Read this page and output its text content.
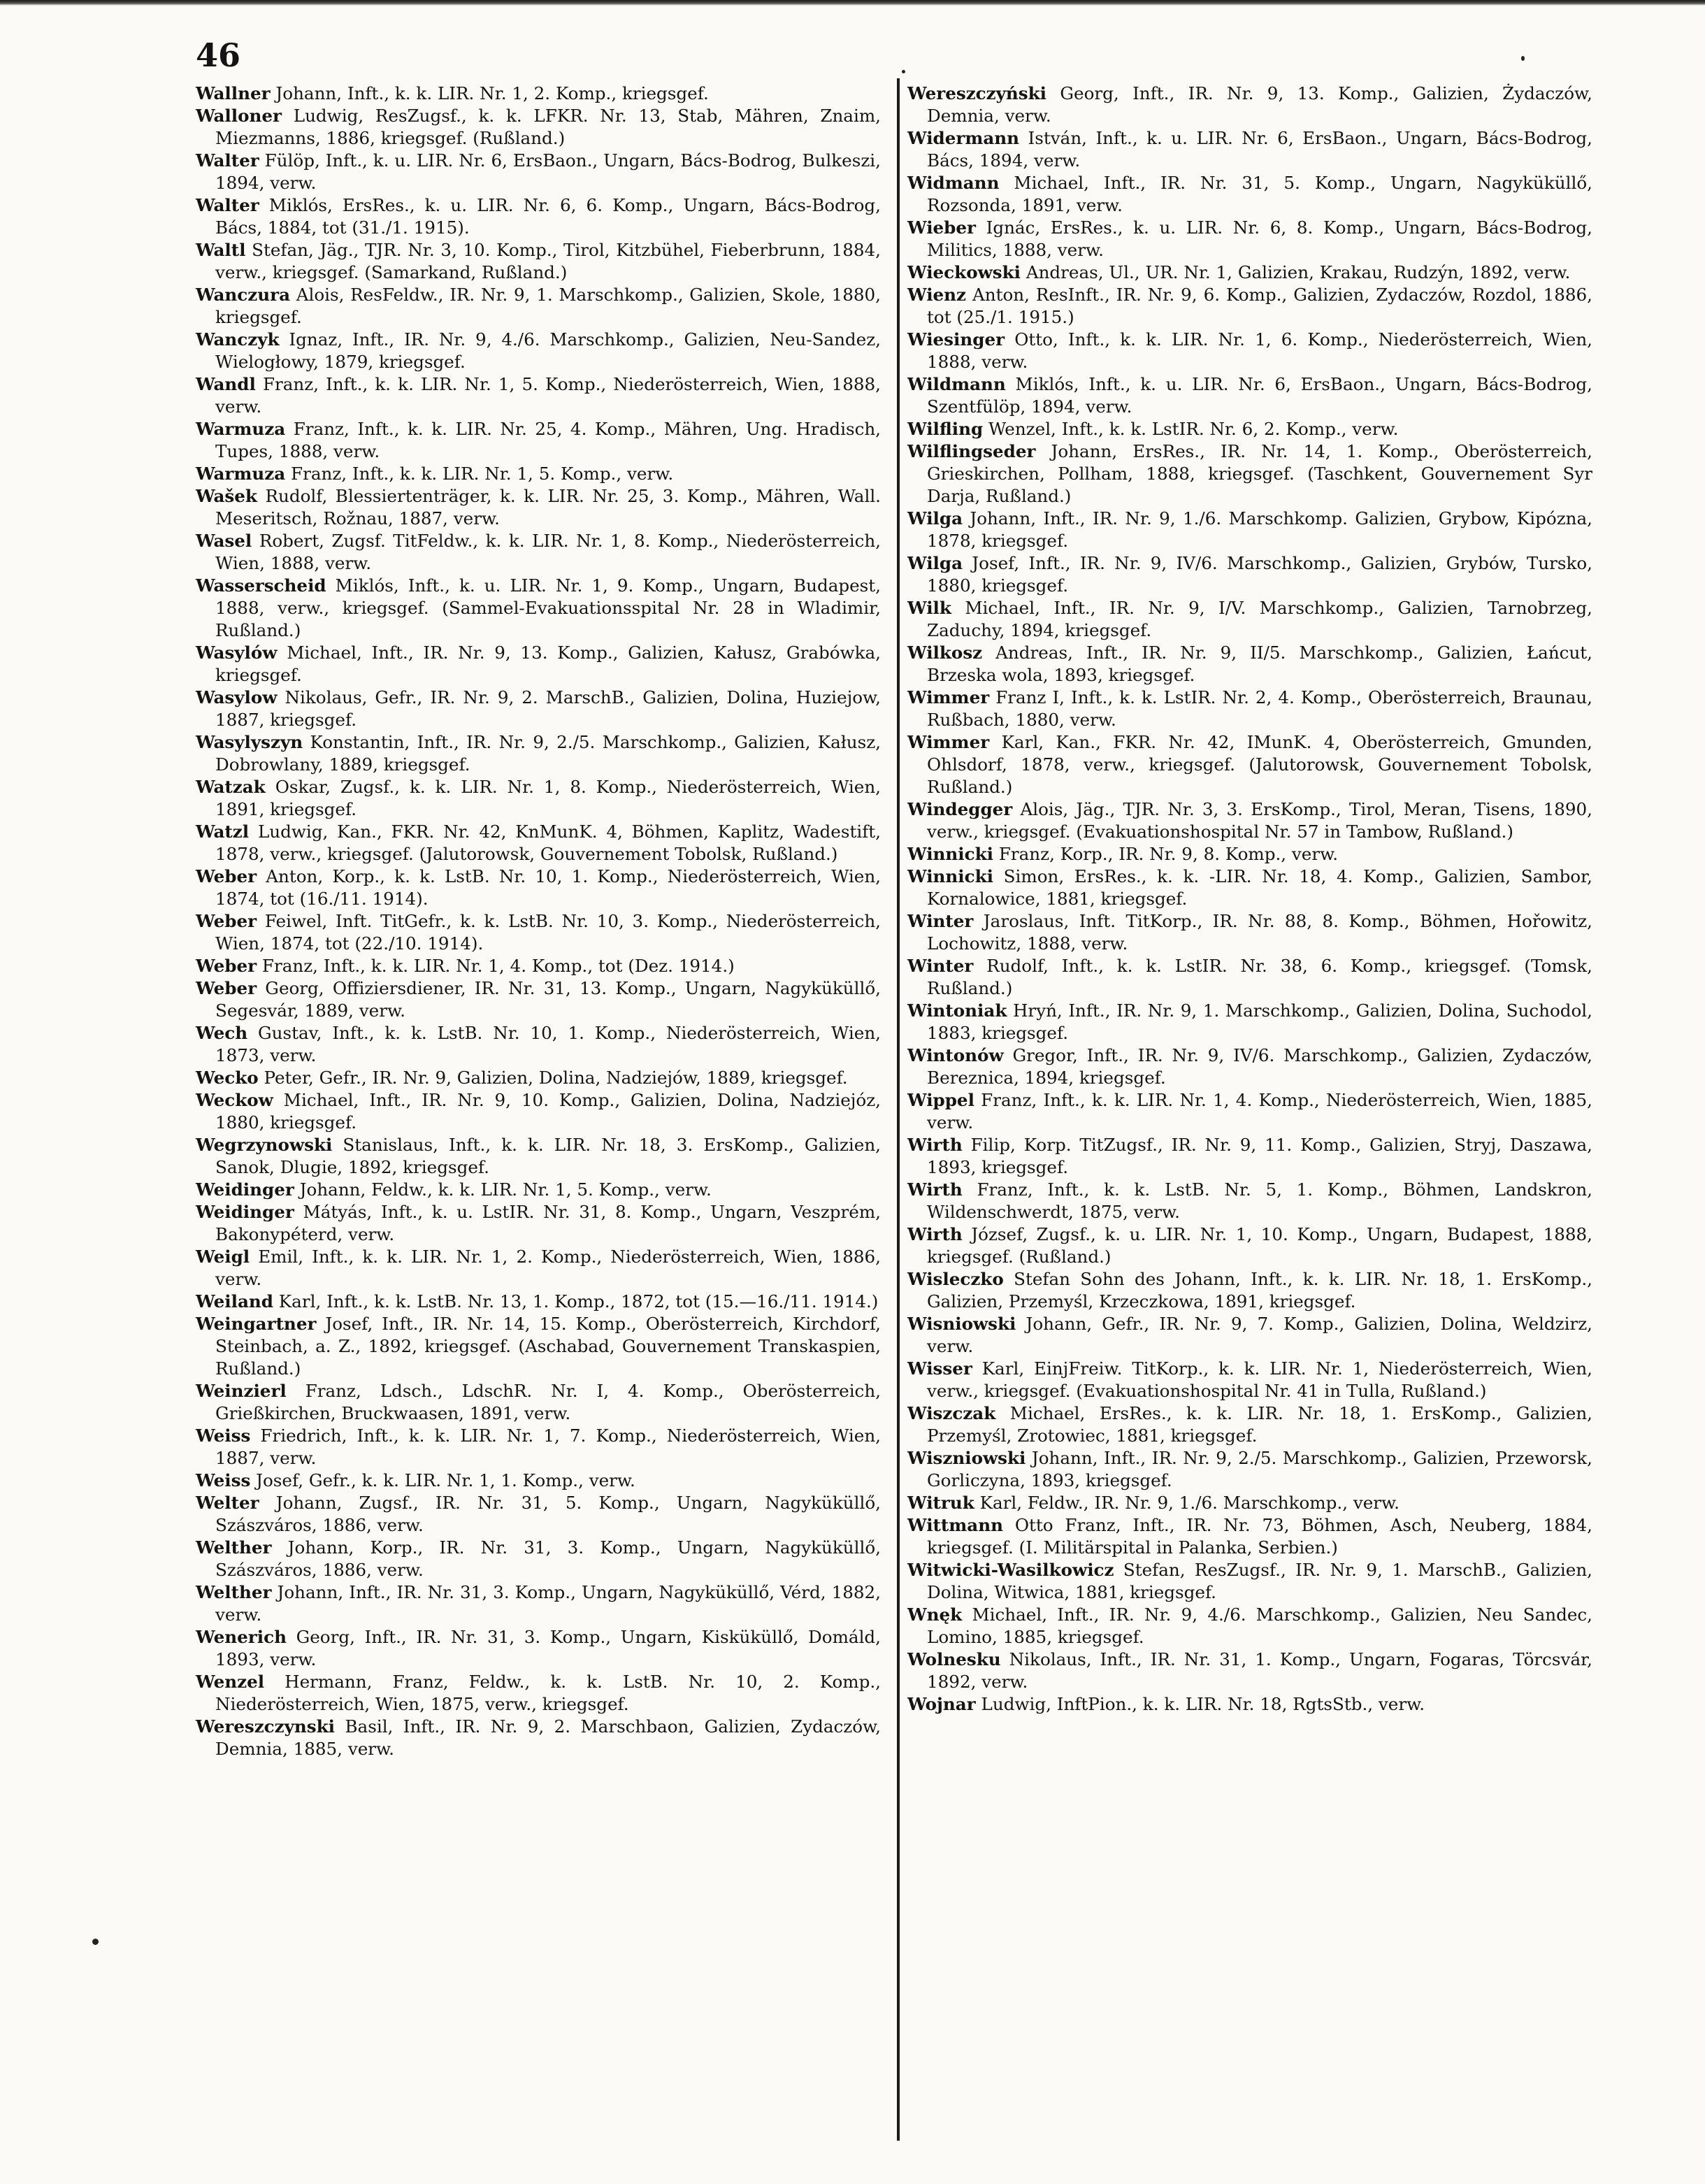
46

Wallner Johann, Inft., k. k. LIR. Nr. 1, 2. Komp., kriegsgef.

Walloner Ludwig, ResZugsf., k. k. LFKR. Nr. 13, Stab, Mähren, Znaim, Miezmanns, 1886, kriegsgef. (Rußland.)

Walter Fülöp, Inft., k. u. LIR. Nr. 6, ErsBaon., Ungarn, Bács-Bodrog, Bulkeszi, 1894, verw.

Walter Miklós, ErsRes., k. u. LIR. Nr. 6, 6. Komp., Ungarn, Bács-Bodrog, Bács, 1884, tot (31./1. 1915).

Waltl Stefan, Jäg., TJR. Nr. 3, 10. Komp., Tirol, Kitzbühel, Fieberbrunn, 1884, verw., kriegsgef. (Samarkand, Rußland.)

Wanczura Alois, ResFeldw., IR. Nr. 9, 1. Marschkomp., Galizien, Skole, 1880, kriegsgef.

Wanczyk Ignaz, Inft., IR. Nr. 9, 4./6. Marschkomp., Galizien, Neu-Sandez, Wielogłowy, 1879, kriegsgef.

Wandl Franz, Inft., k. k. LIR. Nr. 1, 5. Komp., Niederösterreich, Wien, 1888, verw.

Warmuza Franz, Inft., k. k. LIR. Nr. 25, 4. Komp., Mähren, Ung. Hradisch, Tupes, 1888, verw.

Warmuza Franz, Inft., k. k. LIR. Nr. 1, 5. Komp., verw.

Wašek Rudolf, Blessiertenträger, k. k. LIR. Nr. 25, 3. Komp., Mähren, Wall. Meseritsch, Rožnau, 1887, verw.

Wasel Robert, Zugsf. TitFeldw., k. k. LIR. Nr. 1, 8. Komp., Niederösterreich, Wien, 1888, verw.

Wasserscheid Miklós, Inft., k. u. LIR. Nr. 1, 9. Komp., Ungarn, Budapest, 1888, verw., kriegsgef. (Sammel-Evakuationsspital Nr. 28 in Wladimir, Rußland.)

Wasylów Michael, Inft., IR. Nr. 9, 13. Komp., Galizien, Kałusz, Grabówka, kriegsgef.

Wasylow Nikolaus, Gefr., IR. Nr. 9, 2. MarschB., Galizien, Dolina, Huziejow, 1887, kriegsgef.

Wasylyszyn Konstantin, Inft., IR. Nr. 9, 2./5. Marschkomp., Galizien, Kałusz, Dobrowlany, 1889, kriegsgef.

Watzak Oskar, Zugsf., k. k. LIR. Nr. 1, 8. Komp., Niederösterreich, Wien, 1891, kriegsgef.

Watzl Ludwig, Kan., FKR. Nr. 42, KnMunK. 4, Böhmen, Kaplitz, Wadestift, 1878, verw., kriegsgef. (Jalutorowsk, Gouvernement Tobolsk, Rußland.)

Weber Anton, Korp., k. k. LstB. Nr. 10, 1. Komp., Niederösterreich, Wien, 1874, tot (16./11. 1914).

Weber Feiwel, Inft. TitGefr., k. k. LstB. Nr. 10, 3. Komp., Niederösterreich, Wien, 1874, tot (22./10. 1914).

Weber Franz, Inft., k. k. LIR. Nr. 1, 4. Komp., tot (Dez. 1914.)

Weber Georg, Offiziersdiener, IR. Nr. 31, 13. Komp., Ungarn, Nagyküküllő, Segesvár, 1889, verw.

Wech Gustav, Inft., k. k. LstB. Nr. 10, 1. Komp., Niederösterreich, Wien, 1873, verw.

Wecko Peter, Gefr., IR. Nr. 9, Galizien, Dolina, Nadziejów, 1889, kriegsgef.

Weckow Michael, Inft., IR. Nr. 9, 10. Komp., Galizien, Dolina, Nadziejóz, 1880, kriegsgef.

Wegrzynowski Stanislaus, Inft., k. k. LIR. Nr. 18, 3. ErsKomp., Galizien, Sanok, Dlugie, 1892, kriegsgef.

Weidinger Johann, Feldw., k. k. LIR. Nr. 1, 5. Komp., verw.

Weidinger Mátyás, Inft., k. u. LstIR. Nr. 31, 8. Komp., Ungarn, Veszprém, Bakonypéterd, verw.

Weigl Emil, Inft., k. k. LIR. Nr. 1, 2. Komp., Niederösterreich, Wien, 1886, verw.

Weiland Karl, Inft., k. k. LstB. Nr. 13, 1. Komp., 1872, tot (15.—16./11. 1914.)

Weingartner Josef, Inft., IR. Nr. 14, 15. Komp., Oberösterreich, Kirchdorf, Steinbach, a. Z., 1892, kriegsgef. (Aschabad, Gouvernement Transkaspien, Rußland.)

Weinzierl Franz, Ldsch., LdschR. Nr. I, 4. Komp., Oberösterreich, Grießkirchen, Bruckwaasen, 1891, verw.

Weiss Friedrich, Inft., k. k. LIR. Nr. 1, 7. Komp., Niederösterreich, Wien, 1887, verw.

Weiss Josef, Gefr., k. k. LIR. Nr. 1, 1. Komp., verw.

Welter Johann, Zugsf., IR. Nr. 31, 5. Komp., Ungarn, Nagyküküllő, Szászváros, 1886, verw.

Welther Johann, Korp., IR. Nr. 31, 3. Komp., Ungarn, Nagyküküllő, Szászváros, 1886, verw.

Welther Johann, Inft., IR. Nr. 31, 3. Komp., Ungarn, Nagyküküllő, Vérd, 1882, verw.

Wenerich Georg, Inft., IR. Nr. 31, 3. Komp., Ungarn, Kisküküllő, Domáld, 1893, verw.

Wenzel Hermann, Franz, Feldw., k. k. LstB. Nr. 10, 2. Komp., Niederösterreich, Wien, 1875, verw., kriegsgef.

Wereszczynski Basil, Inft., IR. Nr. 9, 2. Marschbaon, Galizien, Zydaczów, Demnia, 1885, verw.

Wereszczyński Georg, Inft., IR. Nr. 9, 13. Komp., Galizien, Żydaczów, Demnia, verw.

Widermann István, Inft., k. u. LIR. Nr. 6, ErsBaon., Ungarn, Bács-Bodrog, Bács, 1894, verw.

Widmann Michael, Inft., IR. Nr. 31, 5. Komp., Ungarn, Nagyküküllő, Rozsonda, 1891, verw.

Wieber Ignác, ErsRes., k. u. LIR. Nr. 6, 8. Komp., Ungarn, Bács-Bodrog, Militics, 1888, verw.

Wieckowski Andreas, Ul., UR. Nr. 1, Galizien, Krakau, Rudzýn, 1892, verw.

Wienz Anton, ResInft., IR. Nr. 9, 6. Komp., Galizien, Zydaczów, Rozdol, 1886, tot (25./1. 1915.)

Wiesinger Otto, Inft., k. k. LIR. Nr. 1, 6. Komp., Niederösterreich, Wien, 1888, verw.

Wildmann Miklós, Inft., k. u. LIR. Nr. 6, ErsBaon., Ungarn, Bács-Bodrog, Szentfülöp, 1894, verw.

Wilfling Wenzel, Inft., k. k. LstIR. Nr. 6, 2. Komp., verw.

Wilflingseder Johann, ErsRes., IR. Nr. 14, 1. Komp., Oberösterreich, Grieskirchen, Pollham, 1888, kriegsgef. (Taschkent, Gouvernement Syr Darja, Rußland.)

Wilga Johann, Inft., IR. Nr. 9, 1./6. Marschkomp. Galizien, Grybow, Kipózna, 1878, kriegsgef.

Wilga Josef, Inft., IR. Nr. 9, IV/6. Marschkomp., Galizien, Grybów, Tursko, 1880, kriegsgef.

Wilk Michael, Inft., IR. Nr. 9, I/V. Marschkomp., Galizien, Tarnobrzeg, Zaduchy, 1894, kriegsgef.

Wilkosz Andreas, Inft., IR. Nr. 9, II/5. Marschkomp., Galizien, Łańcut, Brzeska wola, 1893, kriegsgef.

Wimmer Franz I, Inft., k. k. LstIR. Nr. 2, 4. Komp., Oberösterreich, Braunau, Rußbach, 1880, verw.

Wimmer Karl, Kan., FKR. Nr. 42, IMunK. 4, Oberösterreich, Gmunden, Ohlsdorf, 1878, verw., kriegsgef. (Jalutorowsk, Gouvernement Tobolsk, Rußland.)

Windegger Alois, Jäg., TJR. Nr. 3, 3. ErsKomp., Tirol, Meran, Tisens, 1890, verw., kriegsgef. (Evakuationshospital Nr. 57 in Tambow, Rußland.)

Winnicki Franz, Korp., IR. Nr. 9, 8. Komp., verw.

Winnicki Simon, ErsRes., k. k. -LIR. Nr. 18, 4. Komp., Galizien, Sambor, Kornalowice, 1881, kriegsgef.

Winter Jaroslaus, Inft. TitKorp., IR. Nr. 88, 8. Komp., Böhmen, Hořowitz, Lochowitz, 1888, verw.

Winter Rudolf, Inft., k. k. LstIR. Nr. 38, 6. Komp., kriegsgef. (Tomsk, Rußland.)

Wintoniak Hryń, Inft., IR. Nr. 9, 1. Marschkomp., Galizien, Dolina, Suchodol, 1883, kriegsgef.

Wintonów Gregor, Inft., IR. Nr. 9, IV/6. Marschkomp., Galizien, Zydaczów, Bereznica, 1894, kriegsgef.

Wippel Franz, Inft., k. k. LIR. Nr. 1, 4. Komp., Niederösterreich, Wien, 1885, verw.

Wirth Filip, Korp. TitZugsf., IR. Nr. 9, 11. Komp., Galizien, Stryj, Daszawa, 1893, kriegsgef.

Wirth Franz, Inft., k. k. LstB. Nr. 5, 1. Komp., Böhmen, Landskron, Wildenschwerdt, 1875, verw.

Wirth József, Zugsf., k. u. LIR. Nr. 1, 10. Komp., Ungarn, Budapest, 1888, kriegsgef. (Rußland.)

Wisleczko Stefan Sohn des Johann, Inft., k. k. LIR. Nr. 18, 1. ErsKomp., Galizien, Przemyśl, Krzeczkowa, 1891, kriegsgef.

Wisniowski Johann, Gefr., IR. Nr. 9, 7. Komp., Galizien, Dolina, Weldzirz, verw.

Wisser Karl, EinjFreiw. TitKorp., k. k. LIR. Nr. 1, Niederösterreich, Wien, verw., kriegsgef. (Evakuationshospital Nr. 41 in Tulla, Rußland.)

Wiszczak Michael, ErsRes., k. k. LIR. Nr. 18, 1. ErsKomp., Galizien, Przemyśl, Zrotowiec, 1881, kriegsgef.

Wiszniowski Johann, Inft., IR. Nr. 9, 2./5. Marschkomp., Galizien, Przeworsk, Gorliczyna, 1893, kriegsgef.

Witruk Karl, Feldw., IR. Nr. 9, 1./6. Marschkomp., verw.

Wittmann Otto Franz, Inft., IR. Nr. 73, Böhmen, Asch, Neuberg, 1884, kriegsgef. (I. Militärspital in Palanka, Serbien.)

Witwicki-Wasilkowicz Stefan, ResZugsf., IR. Nr. 9, 1. MarschB., Galizien, Dolina, Witwica, 1881, kriegsgef.

Wnęk Michael, Inft., IR. Nr. 9, 4./6. Marschkomp., Galizien, Neu Sandec, Lomino, 1885, kriegsgef.

Wolnesku Nikolaus, Inft., IR. Nr. 31, 1. Komp., Ungarn, Fogaras, Törcsvár, 1892, verw.

Wojnar Ludwig, InftPion., k. k. LIR. Nr. 18, RgtsStb., verw.
